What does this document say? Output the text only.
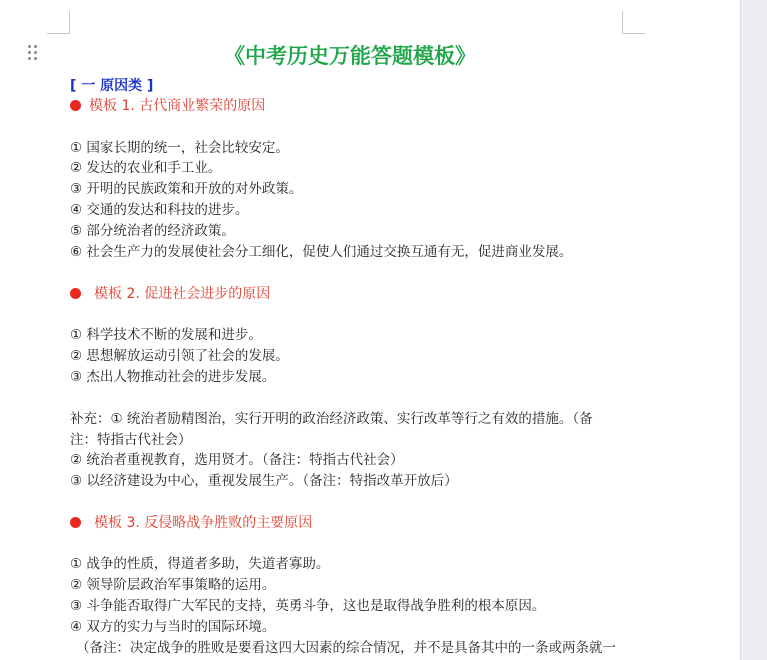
《中考历史万能答题模板》
[ 一 原因类 ]
模板 1. 古代商业繁荣的原因
① 国家长期的统一，社会比较安定。
② 发达的农业和手工业。
③ 开明的民族政策和开放的对外政策。
④ 交通的发达和科技的进步。
⑤ 部分统治者的经济政策。
⑥ 社会生产力的发展使社会分工细化，促使人们通过交换互通有无，促进商业发展。
模板 2. 促进社会进步的原因
① 科学技术不断的发展和进步。
② 思想解放运动引领了社会的发展。
③ 杰出人物推动社会的进步发展。
补充：① 统治者励精图治，实行开明的政治经济政策、实行改革等行之有效的措施。（备
注：特指古代社会）
② 统治者重视教育，选用贤才。（备注：特指古代社会）
③ 以经济建设为中心，重视发展生产。（备注：特指改革开放后）
模板 3. 反侵略战争胜败的主要原因
① 战争的性质，得道者多助，失道者寡助。
② 领导阶层政治军事策略的运用。
③ 斗争能否取得广大军民的支持，英勇斗争，这也是取得战争胜利的根本原因。
④ 双方的实力与当时的国际环境。
（备注：决定战争的胜败是要看这四大因素的综合情况，并不是具备其中的一条或两条就一
